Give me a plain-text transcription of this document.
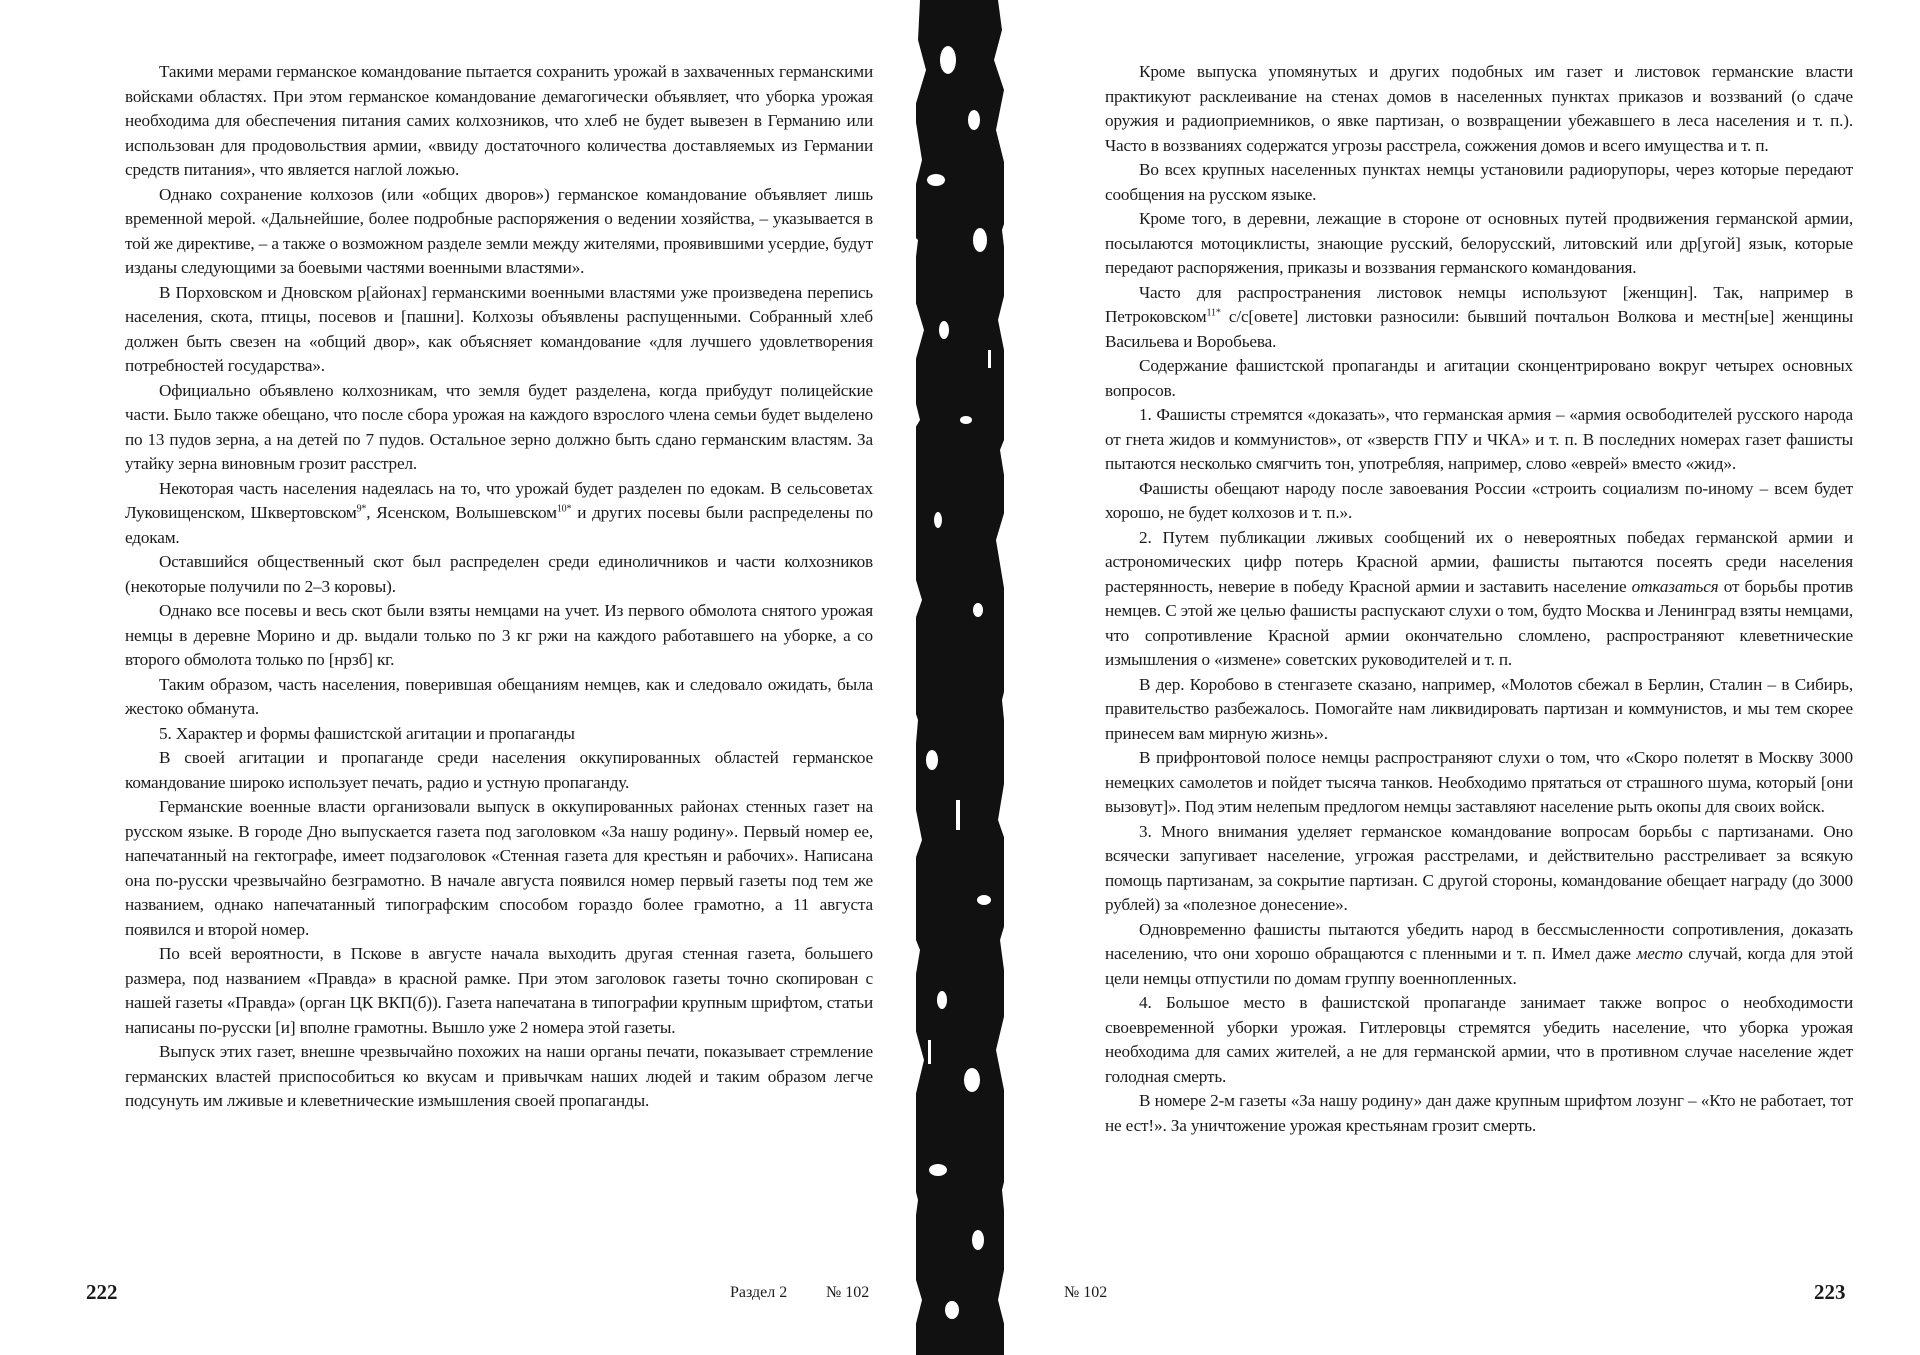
Такими мерами германское командование пытается сохранить урожай в захваченных германскими войсками областях. При этом германское командование демагогически объявляет, что уборка урожая необходима для обеспечения питания самих колхозников, что хлеб не будет вывезен в Германию или использован для продовольствия армии, «ввиду достаточного количества доставляемых из Германии средств питания», что является наглой ложью.

Однако сохранение колхозов (или «общих дворов») германское командование объявляет лишь временной мерой. «Дальнейшие, более подробные распоряжения о ведении хозяйства, – указывается в той же директиве, – а также о возможном разделе земли между жителями, проявившими усердие, будут изданы следующими за боевыми частями военными властями».

В Порховском и Дновском р[айонах] германскими военными властями уже произведена перепись населения, скота, птицы, посевов и [пашни]. Колхозы объявлены распущенными. Собранный хлеб должен быть свезен на «общий двор», как объясняет командование «для лучшего удовлетворения потребностей государства».

Официально объявлено колхозникам, что земля будет разделена, когда прибудут полицейские части. Было также обещано, что после сбора урожая на каждого взрослого члена семьи будет выделено по 13 пудов зерна, а на детей по 7 пудов. Остальное зерно должно быть сдано германским властям. За утайку зерна виновным грозит расстрел.

Некоторая часть населения надеялась на то, что урожай будет разделен по едокам. В сельсоветах Луковищенском, Шквертовском$^{9*}$, Ясенском, Волышевском$^{10*}$ и других посевы были распределены по едокам.

Оставшийся общественный скот был распределен среди единоличников и части колхозников (некоторые получили по 2–3 коровы).

Однако все посевы и весь скот были взяты немцами на учет. Из первого обмолота снятого урожая немцы в деревне Морино и др. выдали только по 3 кг ржи на каждого работавшего на уборке, а со второго обмолота только по [нрзб] кг.

Таким образом, часть населения, поверившая обещаниям немцев, как и следовало ожидать, была жестоко обманута.

5. Характер и формы фашистской агитации и пропаганды

В своей агитации и пропаганде среди населения оккупированных областей германское командование широко использует печать, радио и устную пропаганду.

Германские военные власти организовали выпуск в оккупированных районах стенных газет на русском языке. В городе Дно выпускается газета под заголовком «За нашу родину». Первый номер ее, напечатанный на гектографе, имеет подзаголовок «Стенная газета для крестьян и рабочих». Написана она по-русски чрезвычайно безграмотно. В начале августа появился номер первый газеты под тем же названием, однако напечатанный типографским способом гораздо более грамотно, а 11 августа появился и второй номер.

По всей вероятности, в Пскове в августе начала выходить другая стенная газета, большего размера, под названием «Правда» в красной рамке. При этом заголовок газеты точно скопирован с нашей газеты «Правда» (орган ЦК ВКП(б)). Газета напечатана в типографии крупным шрифтом, статьи написаны по-русски [и] вполне грамотны. Вышло уже 2 номера этой газеты.

Выпуск этих газет, внешне чрезвычайно похожих на наши органы печати, показывает стремление германских властей приспособиться ко вкусам и привычкам наших людей и таким образом легче подсунуть им лживые и клеветнические измышления своей пропаганды.

222	Раздел 2 № 102

Кроме выпуска упомянутых и других подобных им газет и листовок германские власти практикуют расклеивание на стенах домов в населенных пунктах приказов и воззваний (о сдаче оружия и радиоприемников, о явке партизан, о возвращении убежавшего в леса населения и т. п.). Часто в воззваниях содержатся угрозы расстрела, сожжения домов и всего имущества и т. п.

Во всех крупных населенных пунктах немцы установили радиорупоры, через которые передают сообщения на русском языке.

Кроме того, в деревни, лежащие в стороне от основных путей продвижения германской армии, посылаются мотоциклисты, знающие русский, белорусский, литовский или др[угой] язык, которые передают распоряжения, приказы и воззвания германского командования.

Часто для распространения листовок немцы используют [женщин]. Так, например в Петроковском$^{11*}$ с/с[овете] листовки разносили: бывший почтальон Волкова и местн[ые] женщины Васильева и Воробьева.

Содержание фашистской пропаганды и агитации сконцентрировано вокруг четырех основных вопросов.

1. Фашисты стремятся «доказать», что германская армия – «армия освободителей русского народа от гнета жидов и коммунистов», от «зверств ГПУ и ЧКА» и т. п. В последних номерах газет фашисты пытаются несколько смягчить тон, употребляя, например, слово «еврей» вместо «жид».

Фашисты обещают народу после завоевания России «строить социализм по-иному – всем будет хорошо, не будет колхозов и т. п.».

2. Путем публикации лживых сообщений их о невероятных победах германской армии и астрономических цифр потерь Красной армии, фашисты пытаются посеять среди населения растерянность, неверие в победу Красной армии и заставить население отказаться от борьбы против немцев. С этой же целью фашисты распускают слухи о том, будто Москва и Ленинград взяты немцами, что сопротивление Красной армии окончательно сломлено, распространяют клеветнические измышления о «измене» советских руководителей и т. п.

В дер. Коробово в стенгазете сказано, например, «Молотов сбежал в Берлин, Сталин – в Сибирь, правительство разбежалось. Помогайте нам ликвидировать партизан и коммунистов, и мы тем скорее принесем вам мирную жизнь».

В прифронтовой полосе немцы распространяют слухи о том, что «Скоро полетят в Москву 3000 немецких самолетов и пойдет тысяча танков. Необходимо прятаться от страшного шума, который [они вызовут]». Под этим нелепым предлогом немцы заставляют население рыть окопы для своих войск.

3. Много внимания уделяет германское командование вопросам борьбы с партизанами. Оно всячески запугивает население, угрожая расстрелами, и действительно расстреливает за всякую помощь партизанам, за сокрытие партизан. С другой стороны, командование обещает награду (до 3000 рублей) за «полезное донесение».

Одновременно фашисты пытаются убедить народ в бессмысленности сопротивления, доказать населению, что они хорошо обращаются с пленными и т. п. Имел даже место случай, когда для этой цели немцы отпустили по домам группу военнопленных.

4. Большое место в фашистской пропаганде занимает также вопрос о необходимости своевременной уборки урожая. Гитлеровцы стремятся убедить население, что уборка урожая необходима для самих жителей, а не для германской армии, что в противном случае население ждет голодная смерть.

В номере 2-м газеты «За нашу родину» дан даже крупным шрифтом лозунг – «Кто не работает, тот не ест!». За уничтожение урожая крестьянам грозит смерть.

№ 102	223
